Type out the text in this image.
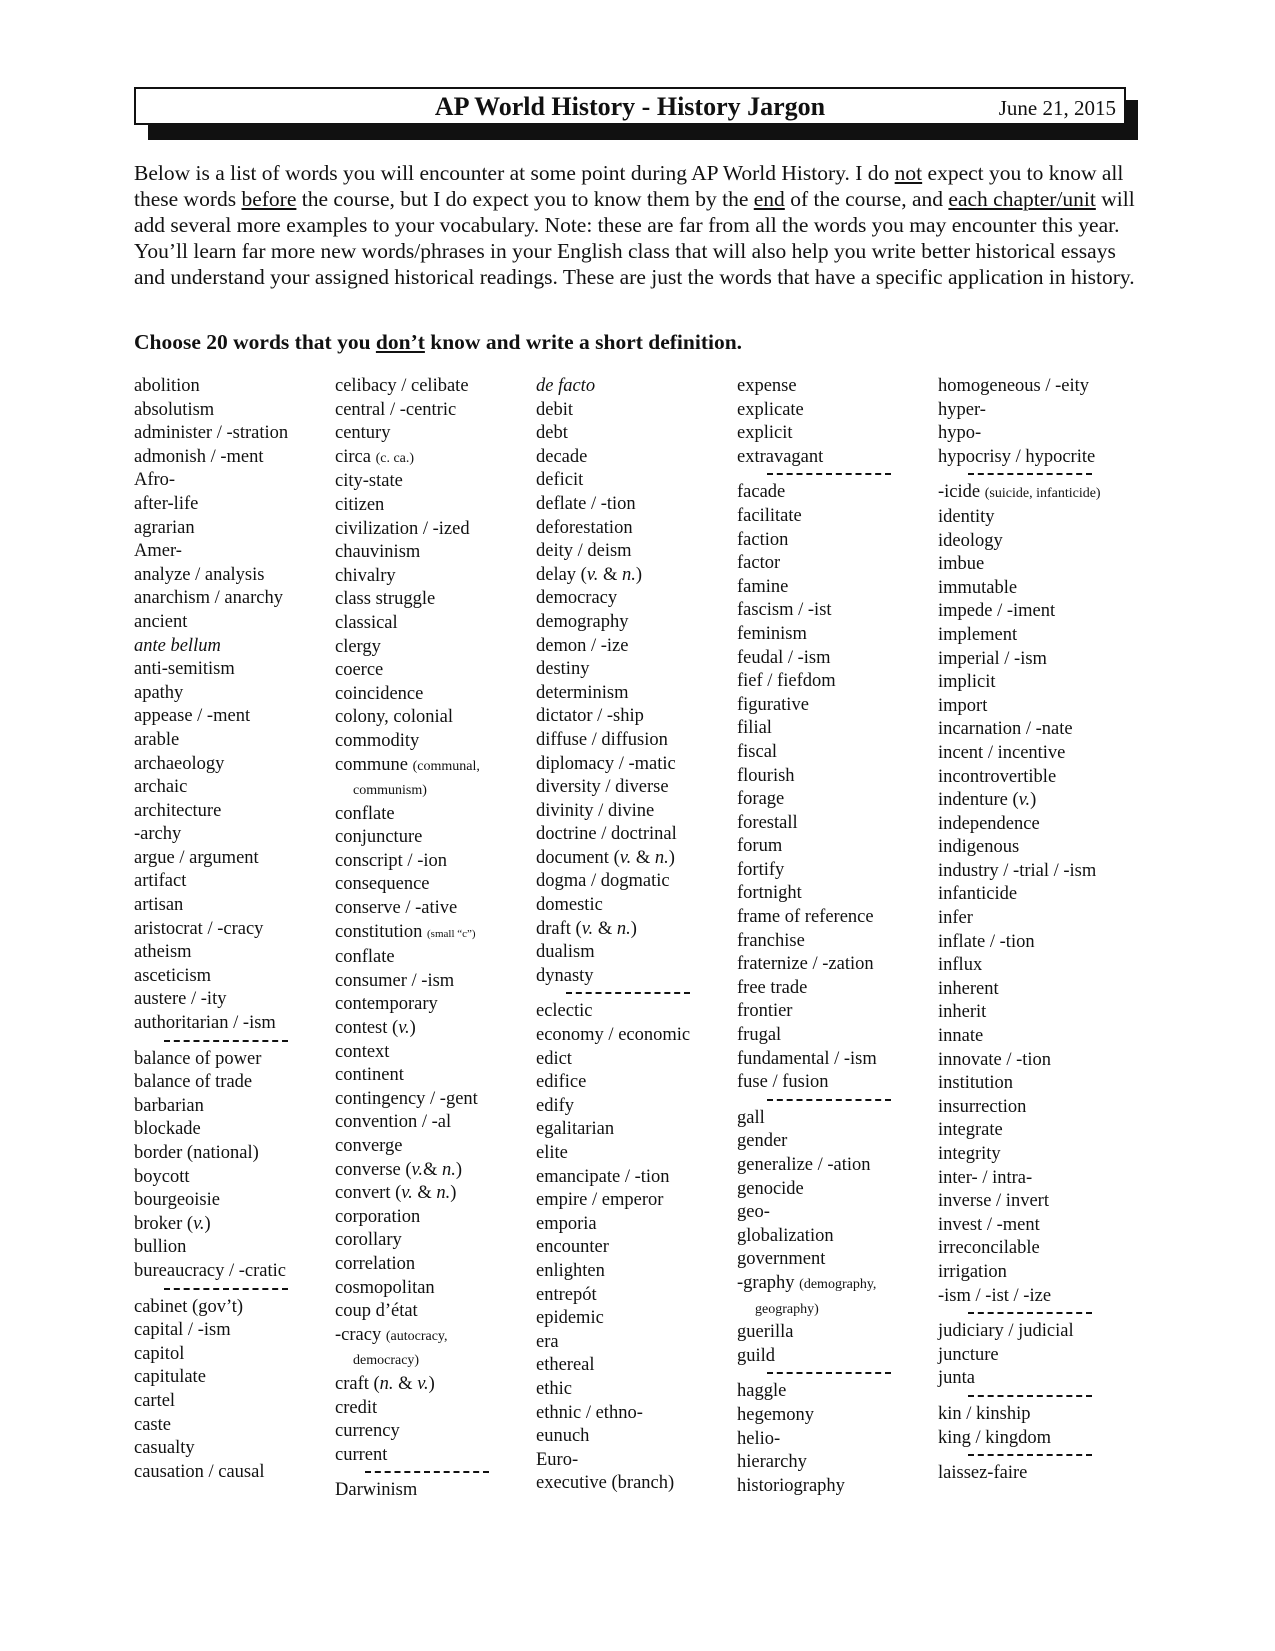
AP World History - History Jargon	June 21, 2015
Below is a list of words you will encounter at some point during AP World History. I do not expect you to know all these words before the course, but I do expect you to know them by the end of the course, and each chapter/unit will add several more examples to your vocabulary. Note: these are far from all the words you may encounter this year. You’ll learn far more new words/phrases in your English class that will also help you write better historical essays and understand your assigned historical readings. These are just the words that have a specific application in history.
Choose 20 words that you don’t know and write a short definition.
abolition
absolutism
administer / -stration
admonish / -ment
Afro-
after-life
agrarian
Amer-
analyze / analysis
anarchism / anarchy
ancient
ante bellum
anti-semitism
apathy
appease / -ment
arable
archaeology
archaic
architecture
-archy
argue / argument
artifact
artisan
aristocrat / -cracy
atheism
asceticism
austere / -ity
authoritarian / -ism
balance of power
balance of trade
barbarian
blockade
border (national)
boycott
bourgeoisie
broker (v.)
bullion
bureaucracy / -cratic
cabinet (gov’t)
capital / -ism
capitol
capitulate
cartel
caste
casualty
causation / causal
celibacy / celibate
central / -centric
century
circa (c. ca.)
city-state
citizen
civilization / -ized
chauvinism
chivalry
class struggle
classical
clergy
coerce
coincidence
colony, colonial
commodity
commune (communal,
communism)
conflate
conjuncture
conscript / -ion
consequence
conserve / -ative
constitution (small “c”)
conflate
consumer / -ism
contemporary
contest (v.)
context
continent
contingency / -gent
convention / -al
converge
converse (v.& n.)
convert (v. & n.)
corporation
corollary
correlation
cosmopolitan
coup d’état
-cracy (autocracy,
democracy)
craft (n. & v.)
credit
currency
current
Darwinism
de facto
debit
debt
decade
deficit
deflate / -tion
deforestation
deity / deism
delay (v. & n.)
democracy
demography
demon / -ize
destiny
determinism
dictator / -ship
diffuse / diffusion
diplomacy / -matic
diversity / diverse
divinity / divine
doctrine / doctrinal
document (v. & n.)
dogma / dogmatic
domestic
draft (v. & n.)
dualism
dynasty
eclectic
economy / economic
edict
edifice
edify
egalitarian
elite
emancipate / -tion
empire / emperor
emporia
encounter
enlighten
entrepót
epidemic
era
ethereal
ethic
ethnic / ethno-
eunuch
Euro-
executive (branch)
expense
explicate
explicit
extravagant
facade
facilitate
faction
factor
famine
fascism / -ist
feminism
feudal / -ism
fief / fiefdom
figurative
filial
fiscal
flourish
forage
forestall
forum
fortify
fortnight
frame of reference
franchise
fraternize / -zation
free trade
frontier
frugal
fundamental / -ism
fuse / fusion
gall
gender
generalize / -ation
genocide
geo-
globalization
government
-graphy (demography,
geography)
guerilla
guild
haggle
hegemony
helio-
hierarchy
historiography
homogeneous / -eity
hyper-
hypo-
hypocrisy / hypocrite
-icide (suicide, infanticide)
identity
ideology
imbue
immutable
impede / -iment
implement
imperial / -ism
implicit
import
incarnation / -nate
incent / incentive
incontrovertible
indenture (v.)
independence
indigenous
industry / -trial / -ism
infanticide
infer
inflate / -tion
influx
inherent
inherit
innate
innovate / -tion
institution
insurrection
integrate
integrity
inter- / intra-
inverse / invert
invest / -ment
irreconcilable
irrigation
-ism / -ist / -ize
judiciary / judicial
juncture
junta
kin / kinship
king / kingdom
laissez-faire
